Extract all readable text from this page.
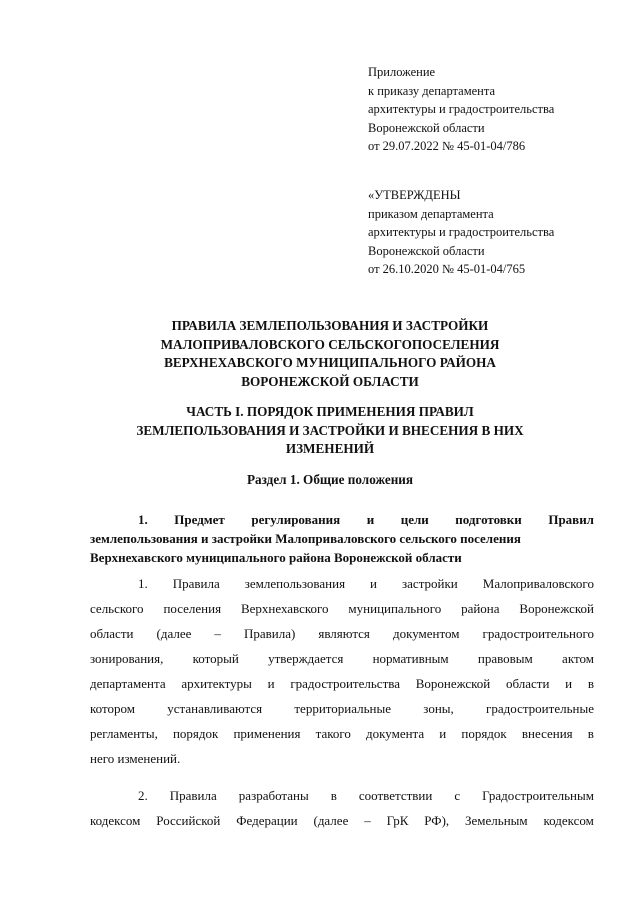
Приложение
к приказу департамента
архитектуры и градостроительства
Воронежской области
от 29.07.2022 № 45-01-04/786
«УТВЕРЖДЕНЫ
приказом департамента
архитектуры и градостроительства
Воронежской области
от 26.10.2020 № 45-01-04/765
ПРАВИЛА ЗЕМЛЕПОЛЬЗОВАНИЯ И ЗАСТРОЙКИ
МАЛОПРИВАЛОВСКОГО СЕЛЬСКОГОПОСЕЛЕНИЯ
ВЕРХНЕХАВСКОГО МУНИЦИПАЛЬНОГО РАЙОНА
ВОРОНЕЖСКОЙ ОБЛАСТИ
ЧАСТЬ I. ПОРЯДОК ПРИМЕНЕНИЯ ПРАВИЛ
ЗЕМЛЕПОЛЬЗОВАНИЯ И ЗАСТРОЙКИ И ВНЕСЕНИЯ В НИХ
ИЗМЕНЕНИЙ
Раздел 1. Общие положения
1. Предмет регулирования и цели подготовки Правил
землепользования и застройки Малоприваловского сельского поселения
Верхнехавского муниципального района Воронежской области
1. Правила землепользования и застройки Малоприваловского
сельского поселения Верхнехавского муниципального района Воронежской
области (далее – Правила) являются документом градостроительного
зонирования, который утверждается нормативным правовым актом
департамента архитектуры и градостроительства Воронежской области и в
котором устанавливаются территориальные зоны, градостроительные
регламенты, порядок применения такого документа и порядок внесения в
него изменений.
2. Правила разработаны в соответствии с Градостроительным
кодексом Российской Федерации (далее – ГрК РФ), Земельным кодексом
